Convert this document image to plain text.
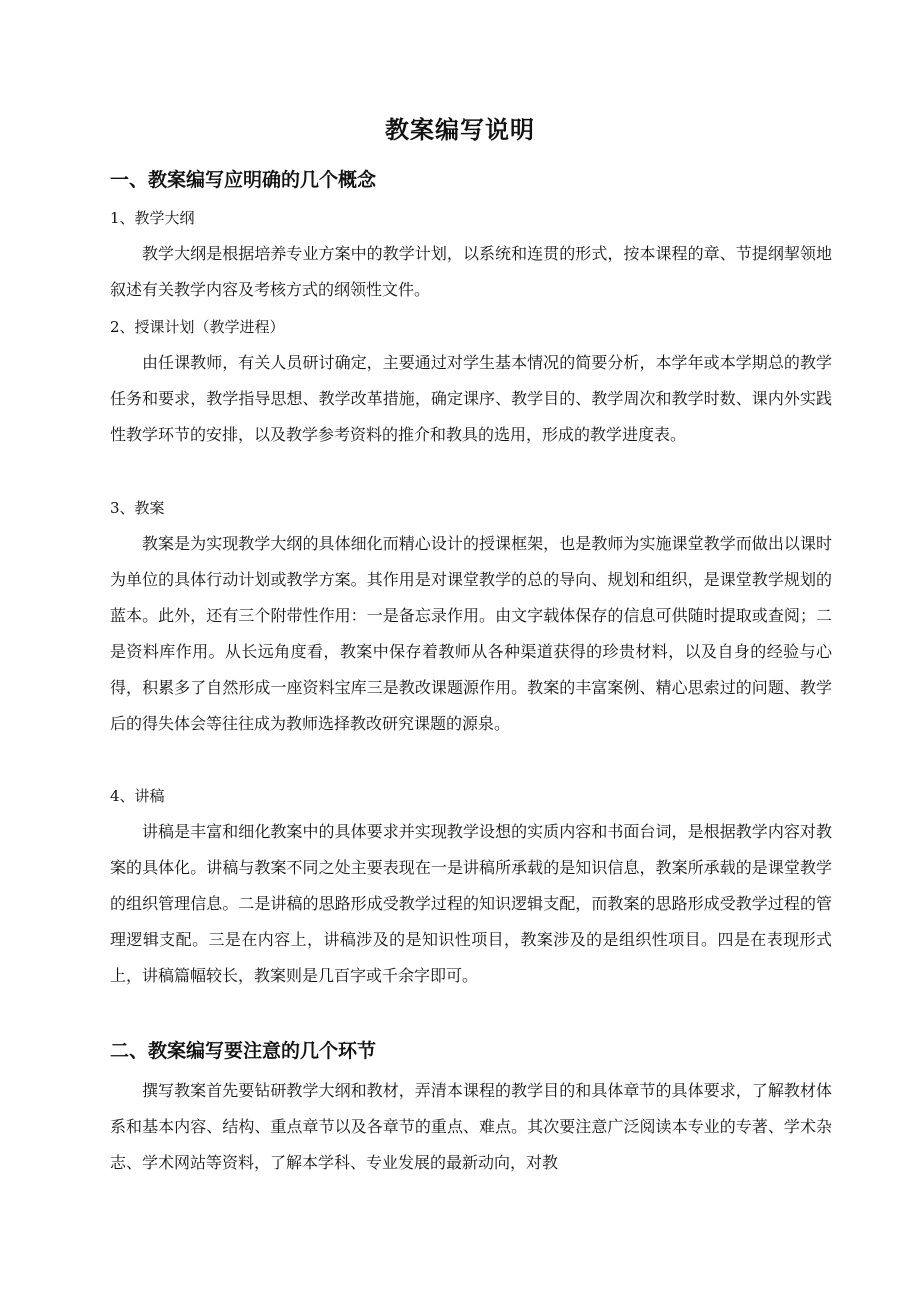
教案编写说明
一、教案编写应明确的几个概念
1、教学大纲

教学大纲是根据培养专业方案中的教学计划，以系统和连贯的形式，按本课程的章、节提纲挈领地叙述有关教学内容及考核方式的纲领性文件。

2、授课计划（教学进程）

由任课教师，有关人员研讨确定，主要通过对学生基本情况的简要分析，本学年或本学期总的教学任务和要求，教学指导思想、教学改革措施，确定课序、教学目的、教学周次和教学时数、课内外实践性教学环节的安排，以及教学参考资料的推介和教具的选用，形成的教学进度表。

3、教案

教案是为实现教学大纲的具体细化而精心设计的授课框架，也是教师为实施课堂教学而做出以课时为单位的具体行动计划或教学方案。其作用是对课堂教学的总的导向、规划和组织，是课堂教学规划的蓝本。此外，还有三个附带性作用：一是备忘录作用。由文字载体保存的信息可供随时提取或查阅；二是资料库作用。从长远角度看，教案中保存着教师从各种渠道获得的珍贵材料，以及自身的经验与心得，积累多了自然形成一座资料宝库三是教改课题源作用。教案的丰富案例、精心思索过的问题、教学后的得失体会等往往成为教师选择教改研究课题的源泉。

4、讲稿

讲稿是丰富和细化教案中的具体要求并实现教学设想的实质内容和书面台词，是根据教学内容对教案的具体化。讲稿与教案不同之处主要表现在一是讲稿所承载的是知识信息，教案所承载的是课堂教学的组织管理信息。二是讲稿的思路形成受教学过程的知识逻辑支配，而教案的思路形成受教学过程的管理逻辑支配。三是在内容上，讲稿涉及的是知识性项目，教案涉及的是组织性项目。四是在表现形式上，讲稿篇幅较长，教案则是几百字或千余字即可。

二、教案编写要注意的几个环节

撰写教案首先要钻研教学大纲和教材，弄清本课程的教学目的和具体章节的具体要求，了解教材体系和基本内容、结构、重点章节以及各章节的重点、难点。其次要注意广泛阅读本专业的专著、学术杂志、学术网站等资料，了解本学科、专业发展的最新动向，对教
